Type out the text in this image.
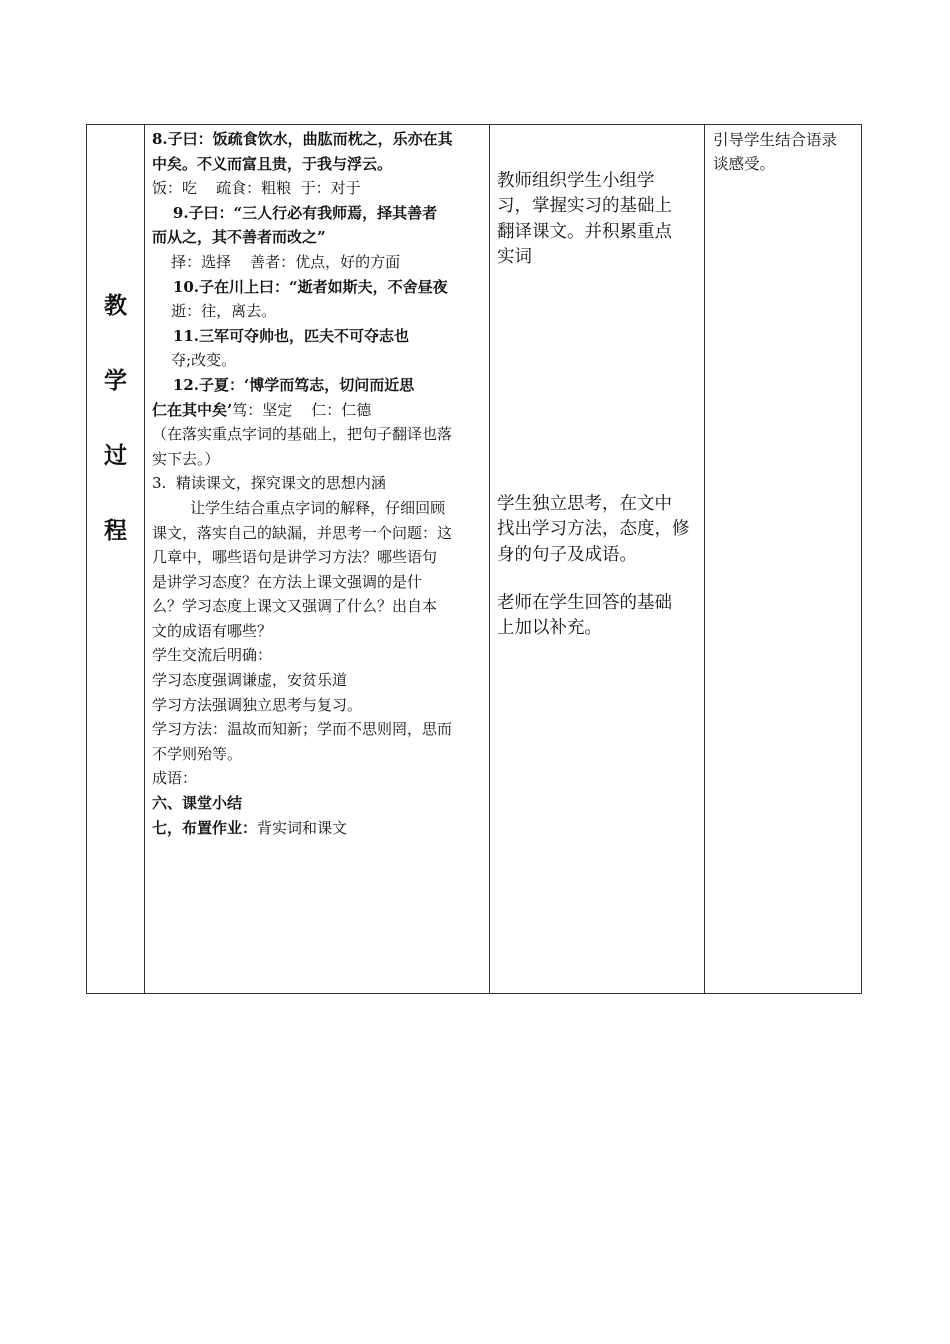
教
学
过
程
8.子曰：饭疏食饮水，曲肱而枕之，乐亦在其
中矣。不义而富且贵，于我与浮云。
饭：吃    疏食：粗粮  于：对于
9.子曰：“三人行必有我师焉，择其善者
而从之，其不善者而改之”
择：选择    善者：优点，好的方面
10.子在川上曰：“逝者如斯夫，不舍昼夜
逝：往，离去。
11.三军可夺帅也，匹夫不可夺志也
夺;改变。
12.子夏：‘博学而笃志，切问而近思
仁在其中矣’笃：坚定    仁：仁德
（在落实重点字词的基础上，把句子翻译也落
实下去。）
3.  精读课文，探究课文的思想内涵
让学生结合重点字词的解释，仔细回顾
课文，落实自己的缺漏，并思考一个问题：这
几章中，哪些语句是讲学习方法？哪些语句
是讲学习态度？在方法上课文强调的是什
么？学习态度上课文又强调了什么？出自本
文的成语有哪些？
学生交流后明确：
学习态度强调谦虚，安贫乐道
学习方法强调独立思考与复习。
学习方法：温故而知新；学而不思则罔，思而
不学则殆等。
成语：
六、课堂小结
七，布置作业：背实词和课文
教师组织学生小组学
习，掌握实习的基础上
翻译课文。并积累重点
实词
学生独立思考，在文中
找出学习方法，态度，修
身的句子及成语。
老师在学生回答的基础
上加以补充。
引导学生结合语录
谈感受。
